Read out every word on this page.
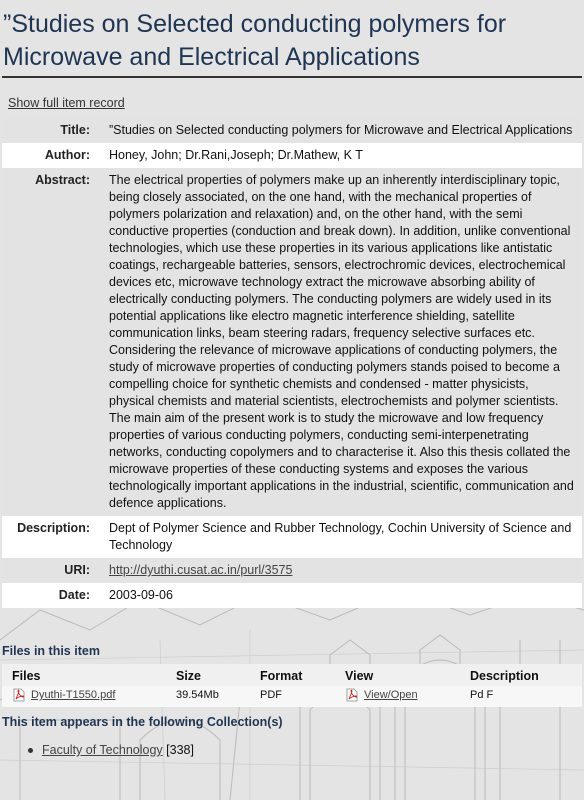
”Studies on Selected conducting polymers for Microwave and Electrical Applications
Show full item record
Title:	”Studies on Selected conducting polymers for Microwave and Electrical Applications
Author:	Honey, John; Dr.Rani,Joseph; Dr.Mathew, K T
Abstract:	The electrical properties of polymers make up an inherently interdisciplinary topic, being closely associated, on the one hand, with the mechanical properties of polymers polarization and relaxation) and, on the other hand, with the semi conductive properties (conduction and break down). In addition, unlike conventional technologies, which use these properties in its various applications like antistatic coatings, rechargeable batteries, sensors, electrochromic devices, electrochemical devices etc, microwave technology extract the microwave absorbing ability of electrically conducting polymers. The conducting polymers are widely used in its potential applications like electro magnetic interference shielding, satellite communication links, beam steering radars, frequency selective surfaces etc. Considering the relevance of microwave applications of conducting polymers, the study of microwave properties of conducting polymers stands poised to become a compelling choice for synthetic chemists and condensed - matter physicists, physical chemists and material scientists, electrochemists and polymer scientists. The main aim of the present work is to study the microwave and low frequency properties of various conducting polymers, conducting semi-interpenetrating networks, conducting copolymers and to characterise it. Also this thesis collated the microwave properties of these conducting systems and exposes the various technologically important applications in the industrial, scientific, communication and defence applications.
Description:	Dept of Polymer Science and Rubber Technology, Cochin University of Science and Technology
URI:	http://dyuthi.cusat.ac.in/purl/3575
Date:	2003-09-06
Files in this item
Files	Size	Format	View	Description
Dyuthi-T1550.pdf	39.54Mb	PDF	View/Open	Pd F
This item appears in the following Collection(s)
Faculty of Technology [338]
